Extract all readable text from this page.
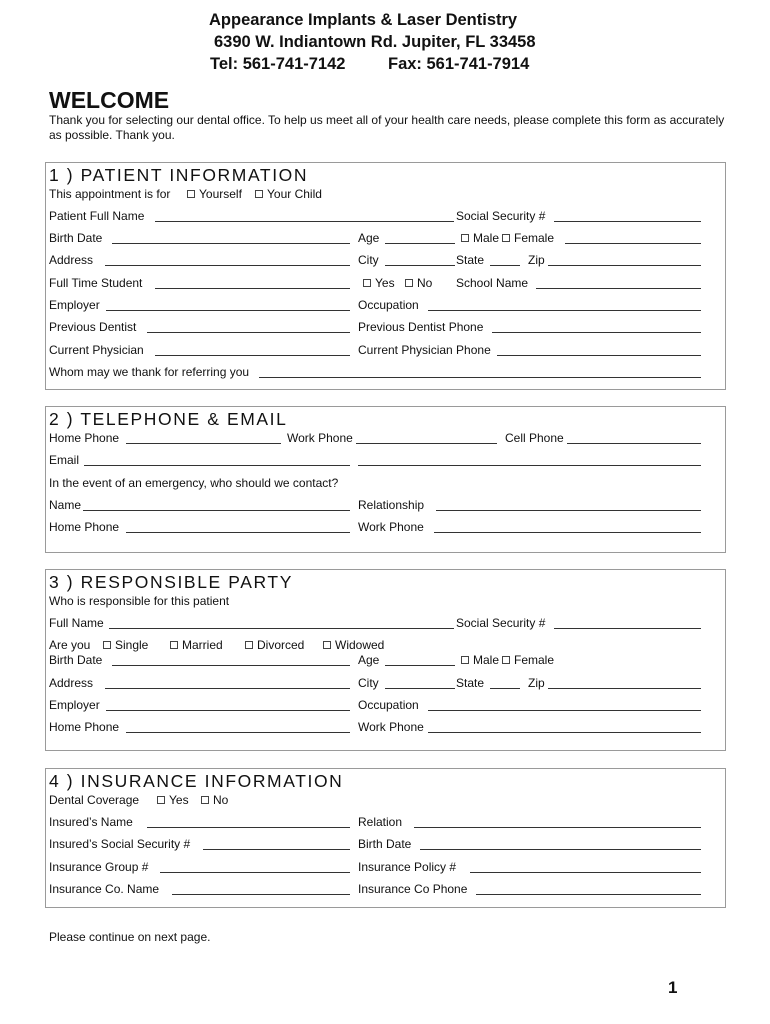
Appearance Implants & Laser Dentistry
6390 W. Indiantown Rd. Jupiter, FL 33458
Tel: 561-741-7142	Fax: 561-741-7914
WELCOME
Thank you for selecting our dental office. To help us meet all of your health care needs, please complete this form as accurately as possible. Thank you.
1 ) PATIENT INFORMATION
This appointment is for	Yourself	Your Child
Patient Full Name	Social Security #
Birth Date	Age	Male	Female
Address	City	State	Zip
Full Time Student	Yes	No School Name
Employer	Occupation
Previous Dentist	Previous Dentist Phone
Current Physician	Current Physician Phone
Whom may we thank for referring you
2 ) TELEPHONE & EMAIL
Home Phone	Work Phone	Cell Phone
Email
In the event of an emergency, who should we contact?
Name	Relationship
Home Phone	Work Phone
3 ) RESPONSIBLE PARTY
Who is responsible for this patient
Full Name	Social Security #
Are you	Single	Married	Divorced	Widowed
Birth Date	Age	Male	Female
Address	City	State	Zip
Employer	Occupation
Home Phone	Work Phone
4 ) INSURANCE INFORMATION
Dental Coverage	Yes	No
Insured’s Name	Relation
Insured’s Social Security #	Birth Date
Insurance Group #	Insurance Policy #
Insurance Co. Name	Insurance Co Phone
Please continue on next page.
1
